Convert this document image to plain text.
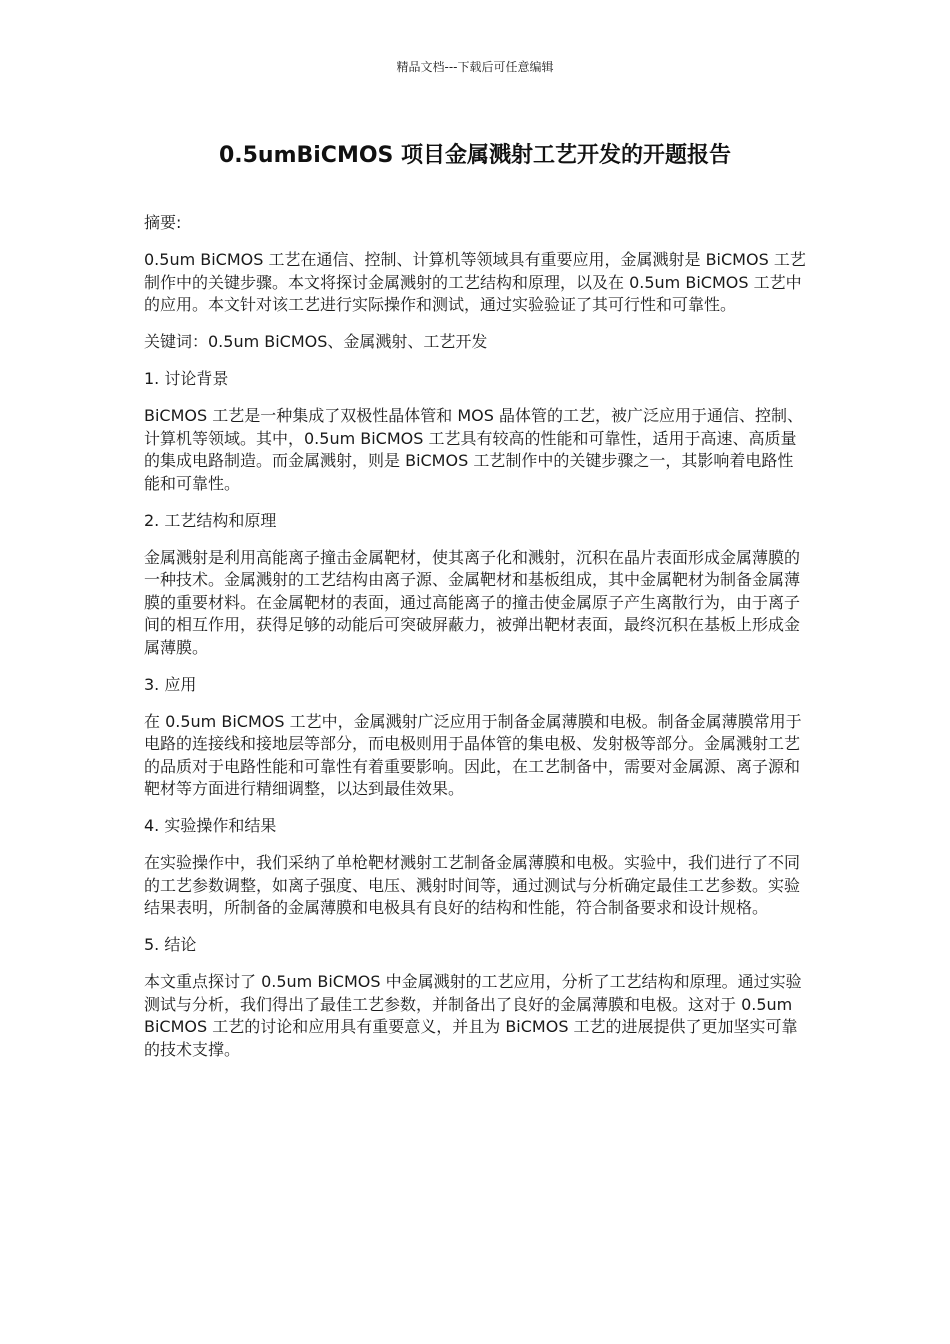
精品文档---下载后可任意编辑
0.5umBiCMOS 项目金属溅射工艺开发的开题报告

摘要:

0.5um BiCMOS 工艺在通信、控制、计算机等领域具有重要应用，金属溅射是 BiCMOS 工艺制作中的关键步骤。本文将探讨金属溅射的工艺结构和原理，以及在 0.5um BiCMOS 工艺中的应用。本文针对该工艺进行实际操作和测试，通过实验验证了其可行性和可靠性。

关键词：0.5um BiCMOS、金属溅射、工艺开发

1. 讨论背景

BiCMOS 工艺是一种集成了双极性晶体管和 MOS 晶体管的工艺，被广泛应用于通信、控制、计算机等领域。其中，0.5um BiCMOS 工艺具有较高的性能和可靠性，适用于高速、高质量的集成电路制造。而金属溅射，则是 BiCMOS 工艺制作中的关键步骤之一，其影响着电路性能和可靠性。

2. 工艺结构和原理

金属溅射是利用高能离子撞击金属靶材，使其离子化和溅射，沉积在晶片表面形成金属薄膜的一种技术。金属溅射的工艺结构由离子源、金属靶材和基板组成，其中金属靶材为制备金属薄膜的重要材料。在金属靶材的表面，通过高能离子的撞击使金属原子产生离散行为，由于离子间的相互作用，获得足够的动能后可突破屏蔽力，被弹出靶材表面，最终沉积在基板上形成金属薄膜。

3. 应用

在 0.5um BiCMOS 工艺中，金属溅射广泛应用于制备金属薄膜和电极。制备金属薄膜常用于电路的连接线和接地层等部分，而电极则用于晶体管的集电极、发射极等部分。金属溅射工艺的品质对于电路性能和可靠性有着重要影响。因此，在工艺制备中，需要对金属源、离子源和靶材等方面进行精细调整，以达到最佳效果。

4. 实验操作和结果

在实验操作中，我们采纳了单枪靶材溅射工艺制备金属薄膜和电极。实验中，我们进行了不同的工艺参数调整，如离子强度、电压、溅射时间等，通过测试与分析确定最佳工艺参数。实验结果表明，所制备的金属薄膜和电极具有良好的结构和性能，符合制备要求和设计规格。

5. 结论

本文重点探讨了 0.5um BiCMOS 中金属溅射的工艺应用，分析了工艺结构和原理。通过实验测试与分析，我们得出了最佳工艺参数，并制备出了良好的金属薄膜和电极。这对于 0.5um BiCMOS 工艺的讨论和应用具有重要意义，并且为 BiCMOS 工艺的进展提供了更加坚实可靠的技术支撑。
